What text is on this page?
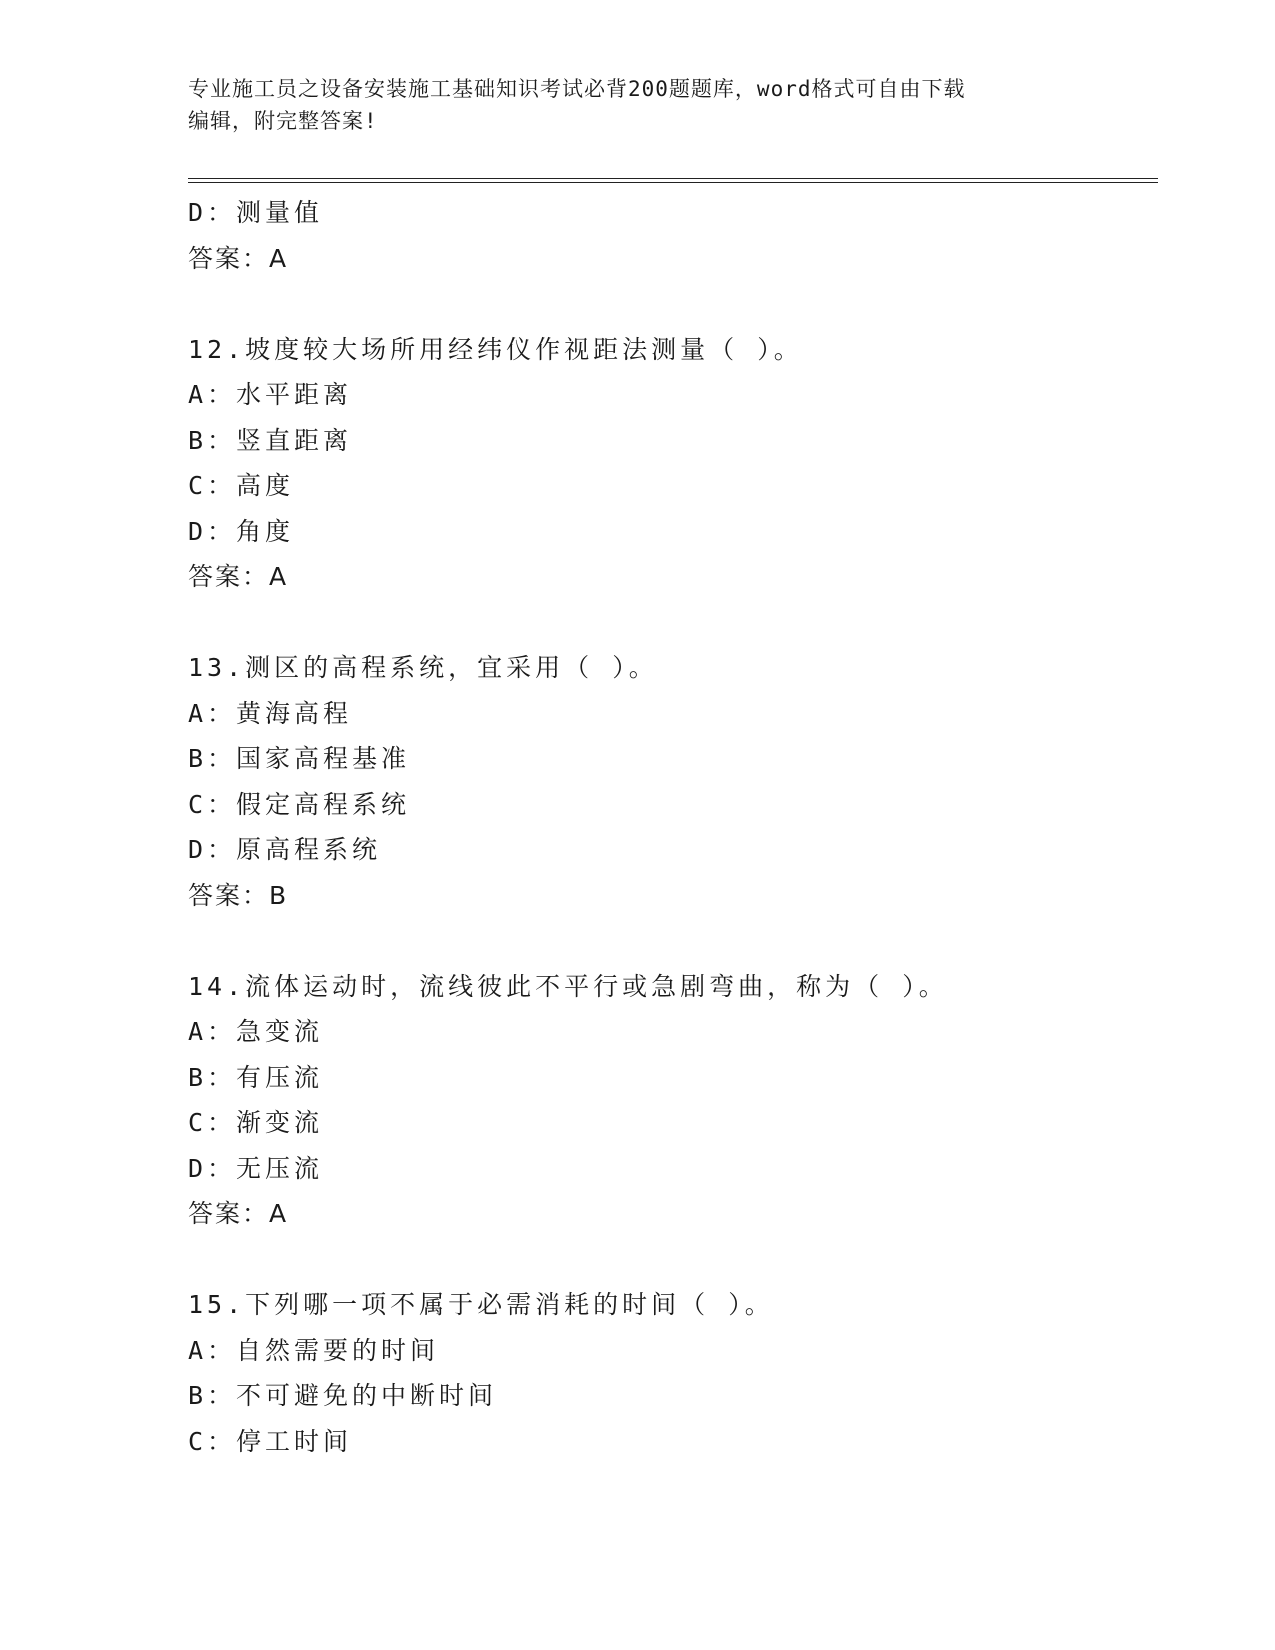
专业施工员之设备安装施工基础知识考试必背200题题库，word格式可自由下载
编辑，附完整答案!
D：测量值
答案：A
12.坡度较大场所用经纬仪作视距法测量（ ）。
A：水平距离
B：竖直距离
C：高度
D：角度
答案：A
13.测区的高程系统，宜采用（ ）。
A：黄海高程
B：国家高程基准
C：假定高程系统
D：原高程系统
答案：B
14.流体运动时，流线彼此不平行或急剧弯曲，称为（ ）。
A：急变流
B：有压流
C：渐变流
D：无压流
答案：A
15.下列哪一项不属于必需消耗的时间（ ）。
A：自然需要的时间
B：不可避免的中断时间
C：停工时间
